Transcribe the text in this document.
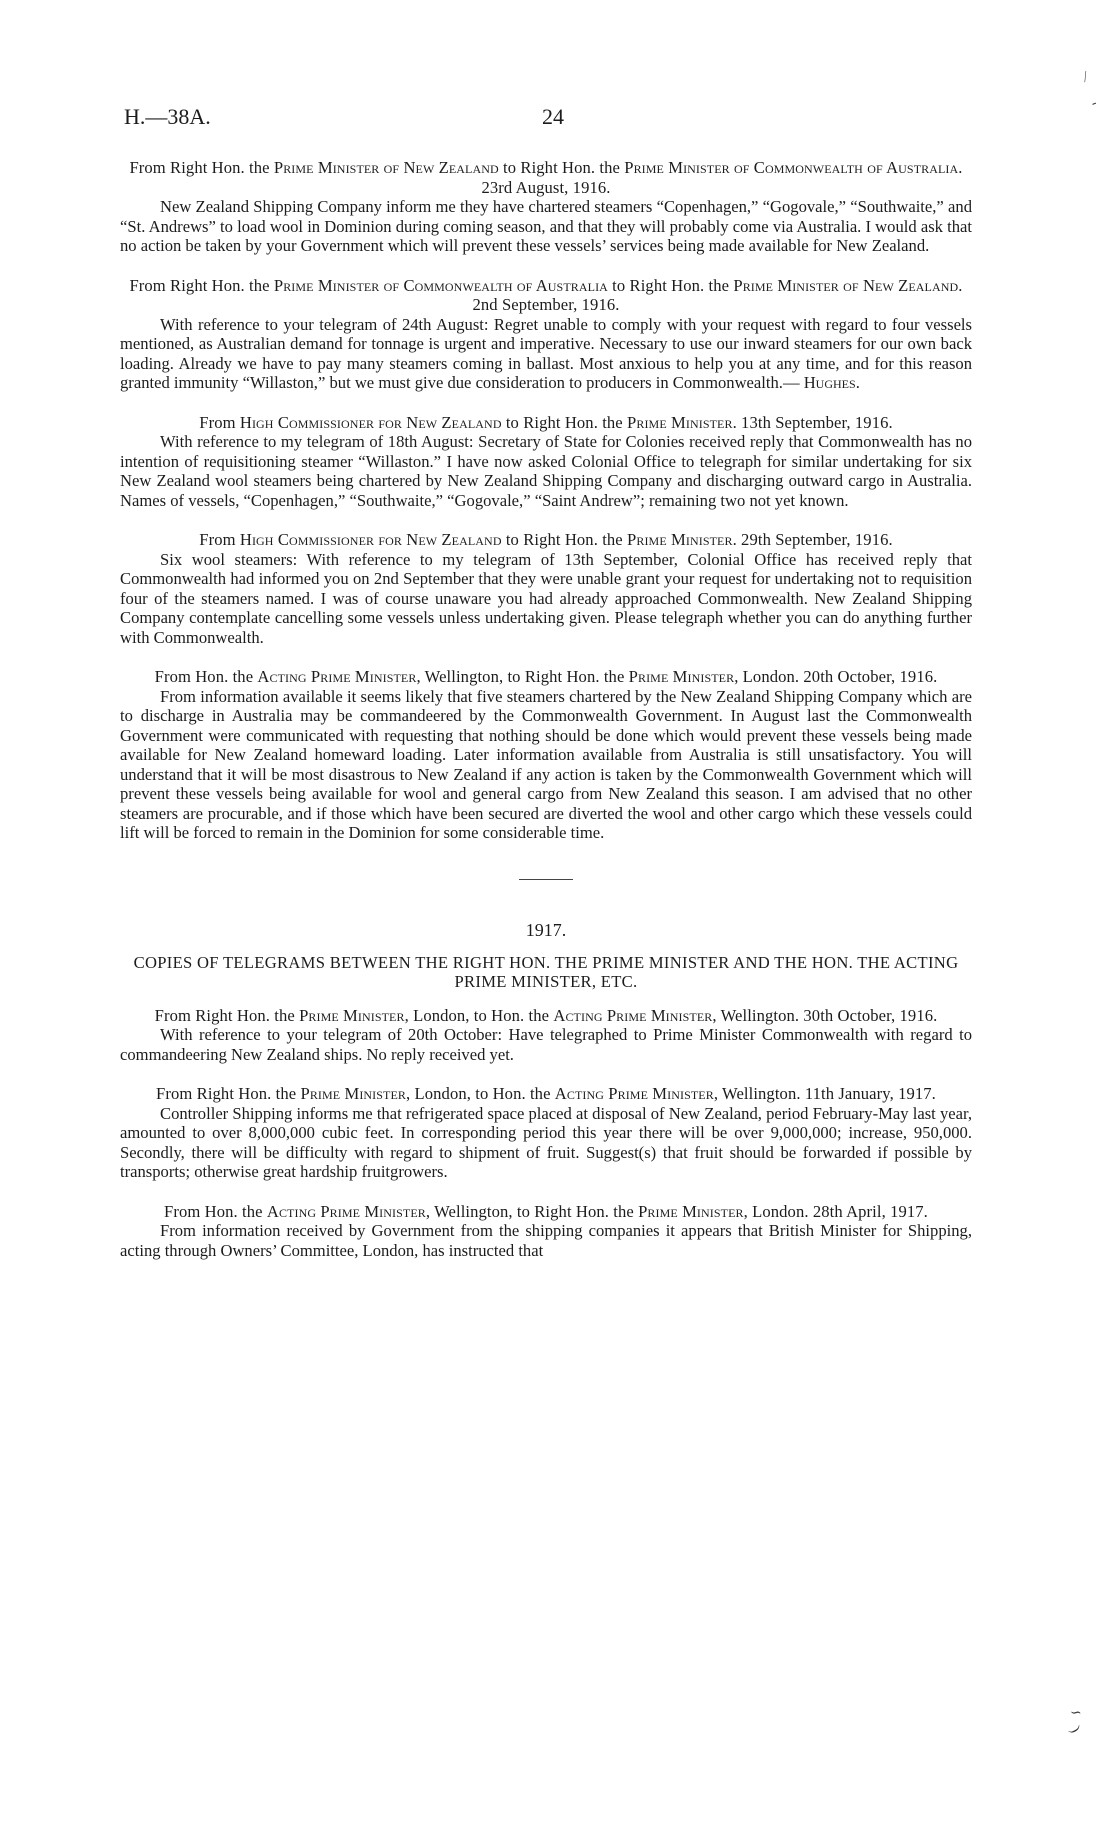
H.—38A.	24

From Right Hon. the Prime Minister of New Zealand to Right Hon. the Prime Minister of Commonwealth of Australia. 23rd August, 1916.

New Zealand Shipping Company inform me they have chartered steamers “Copenhagen,” “Gogovale,” “Southwaite,” and “St. Andrews” to load wool in Dominion during coming season, and that they will probably come via Australia. I would ask that no action be taken by your Government which will prevent these vessels’ services being made available for New Zealand.

From Right Hon. the Prime Minister of Commonwealth of Australia to Right Hon. the Prime Minister of New Zealand. 2nd September, 1916.

With reference to your telegram of 24th August: Regret unable to comply with your request with regard to four vessels mentioned, as Australian demand for tonnage is urgent and imperative. Necessary to use our inward steamers for our own back loading. Already we have to pay many steamers coming in ballast. Most anxious to help you at any time, and for this reason granted immunity “Willaston,” but we must give due consideration to producers in Commonwealth.— Hughes.

From High Commissioner for New Zealand to Right Hon. the Prime Minister. 13th September, 1916.

With reference to my telegram of 18th August: Secretary of State for Colonies received reply that Commonwealth has no intention of requisitioning steamer “Willaston.” I have now asked Colonial Office to telegraph for similar undertaking for six New Zealand wool steamers being chartered by New Zealand Shipping Company and discharging outward cargo in Australia. Names of vessels, “Copenhagen,” “Southwaite,” “Gogovale,” “Saint Andrew”; remaining two not yet known.

From High Commissioner for New Zealand to Right Hon. the Prime Minister. 29th September, 1916.

Six wool steamers: With reference to my telegram of 13th September, Colonial Office has received reply that Commonwealth had informed you on 2nd September that they were unable grant your request for undertaking not to requisition four of the steamers named. I was of course unaware you had already approached Commonwealth. New Zealand Shipping Company contemplate cancelling some vessels unless undertaking given. Please telegraph whether you can do anything further with Commonwealth.

From Hon. the Acting Prime Minister, Wellington, to Right Hon. the Prime Minister, London. 20th October, 1916.

From information available it seems likely that five steamers chartered by the New Zealand Shipping Company which are to discharge in Australia may be commandeered by the Commonwealth Government. In August last the Commonwealth Government were communicated with requesting that nothing should be done which would prevent these vessels being made available for New Zealand homeward loading. Later information available from Australia is still unsatisfactory. You will understand that it will be most disastrous to New Zealand if any action is taken by the Commonwealth Government which will prevent these vessels being available for wool and general cargo from New Zealand this season. I am advised that no other steamers are procurable, and if those which have been secured are diverted the wool and other cargo which these vessels could lift will be forced to remain in the Dominion for some considerable time.

1917.

COPIES OF TELEGRAMS BETWEEN THE RIGHT HON. THE PRIME MINISTER AND THE HON. THE ACTING PRIME MINISTER, ETC.

From Right Hon. the Prime Minister, London, to Hon. the Acting Prime Minister, Wellington. 30th October, 1916.

With reference to your telegram of 20th October: Have telegraphed to Prime Minister Commonwealth with regard to commandeering New Zealand ships. No reply received yet.

From Right Hon. the Prime Minister, London, to Hon. the Acting Prime Minister, Wellington. 11th January, 1917.

Controller Shipping informs me that refrigerated space placed at disposal of New Zealand, period February-May last year, amounted to over 8,000,000 cubic feet. In corresponding period this year there will be over 9,000,000; increase, 950,000. Secondly, there will be difficulty with regard to shipment of fruit. Suggest(s) that fruit should be forwarded if possible by transports; otherwise great hardship fruitgrowers.

From Hon. the Acting Prime Minister, Wellington, to Right Hon. the Prime Minister, London. 28th April, 1917.

From information received by Government from the shipping companies it appears that British Minister for Shipping, acting through Owners’ Committee, London, has instructed that

⁄
‐
∽
)
